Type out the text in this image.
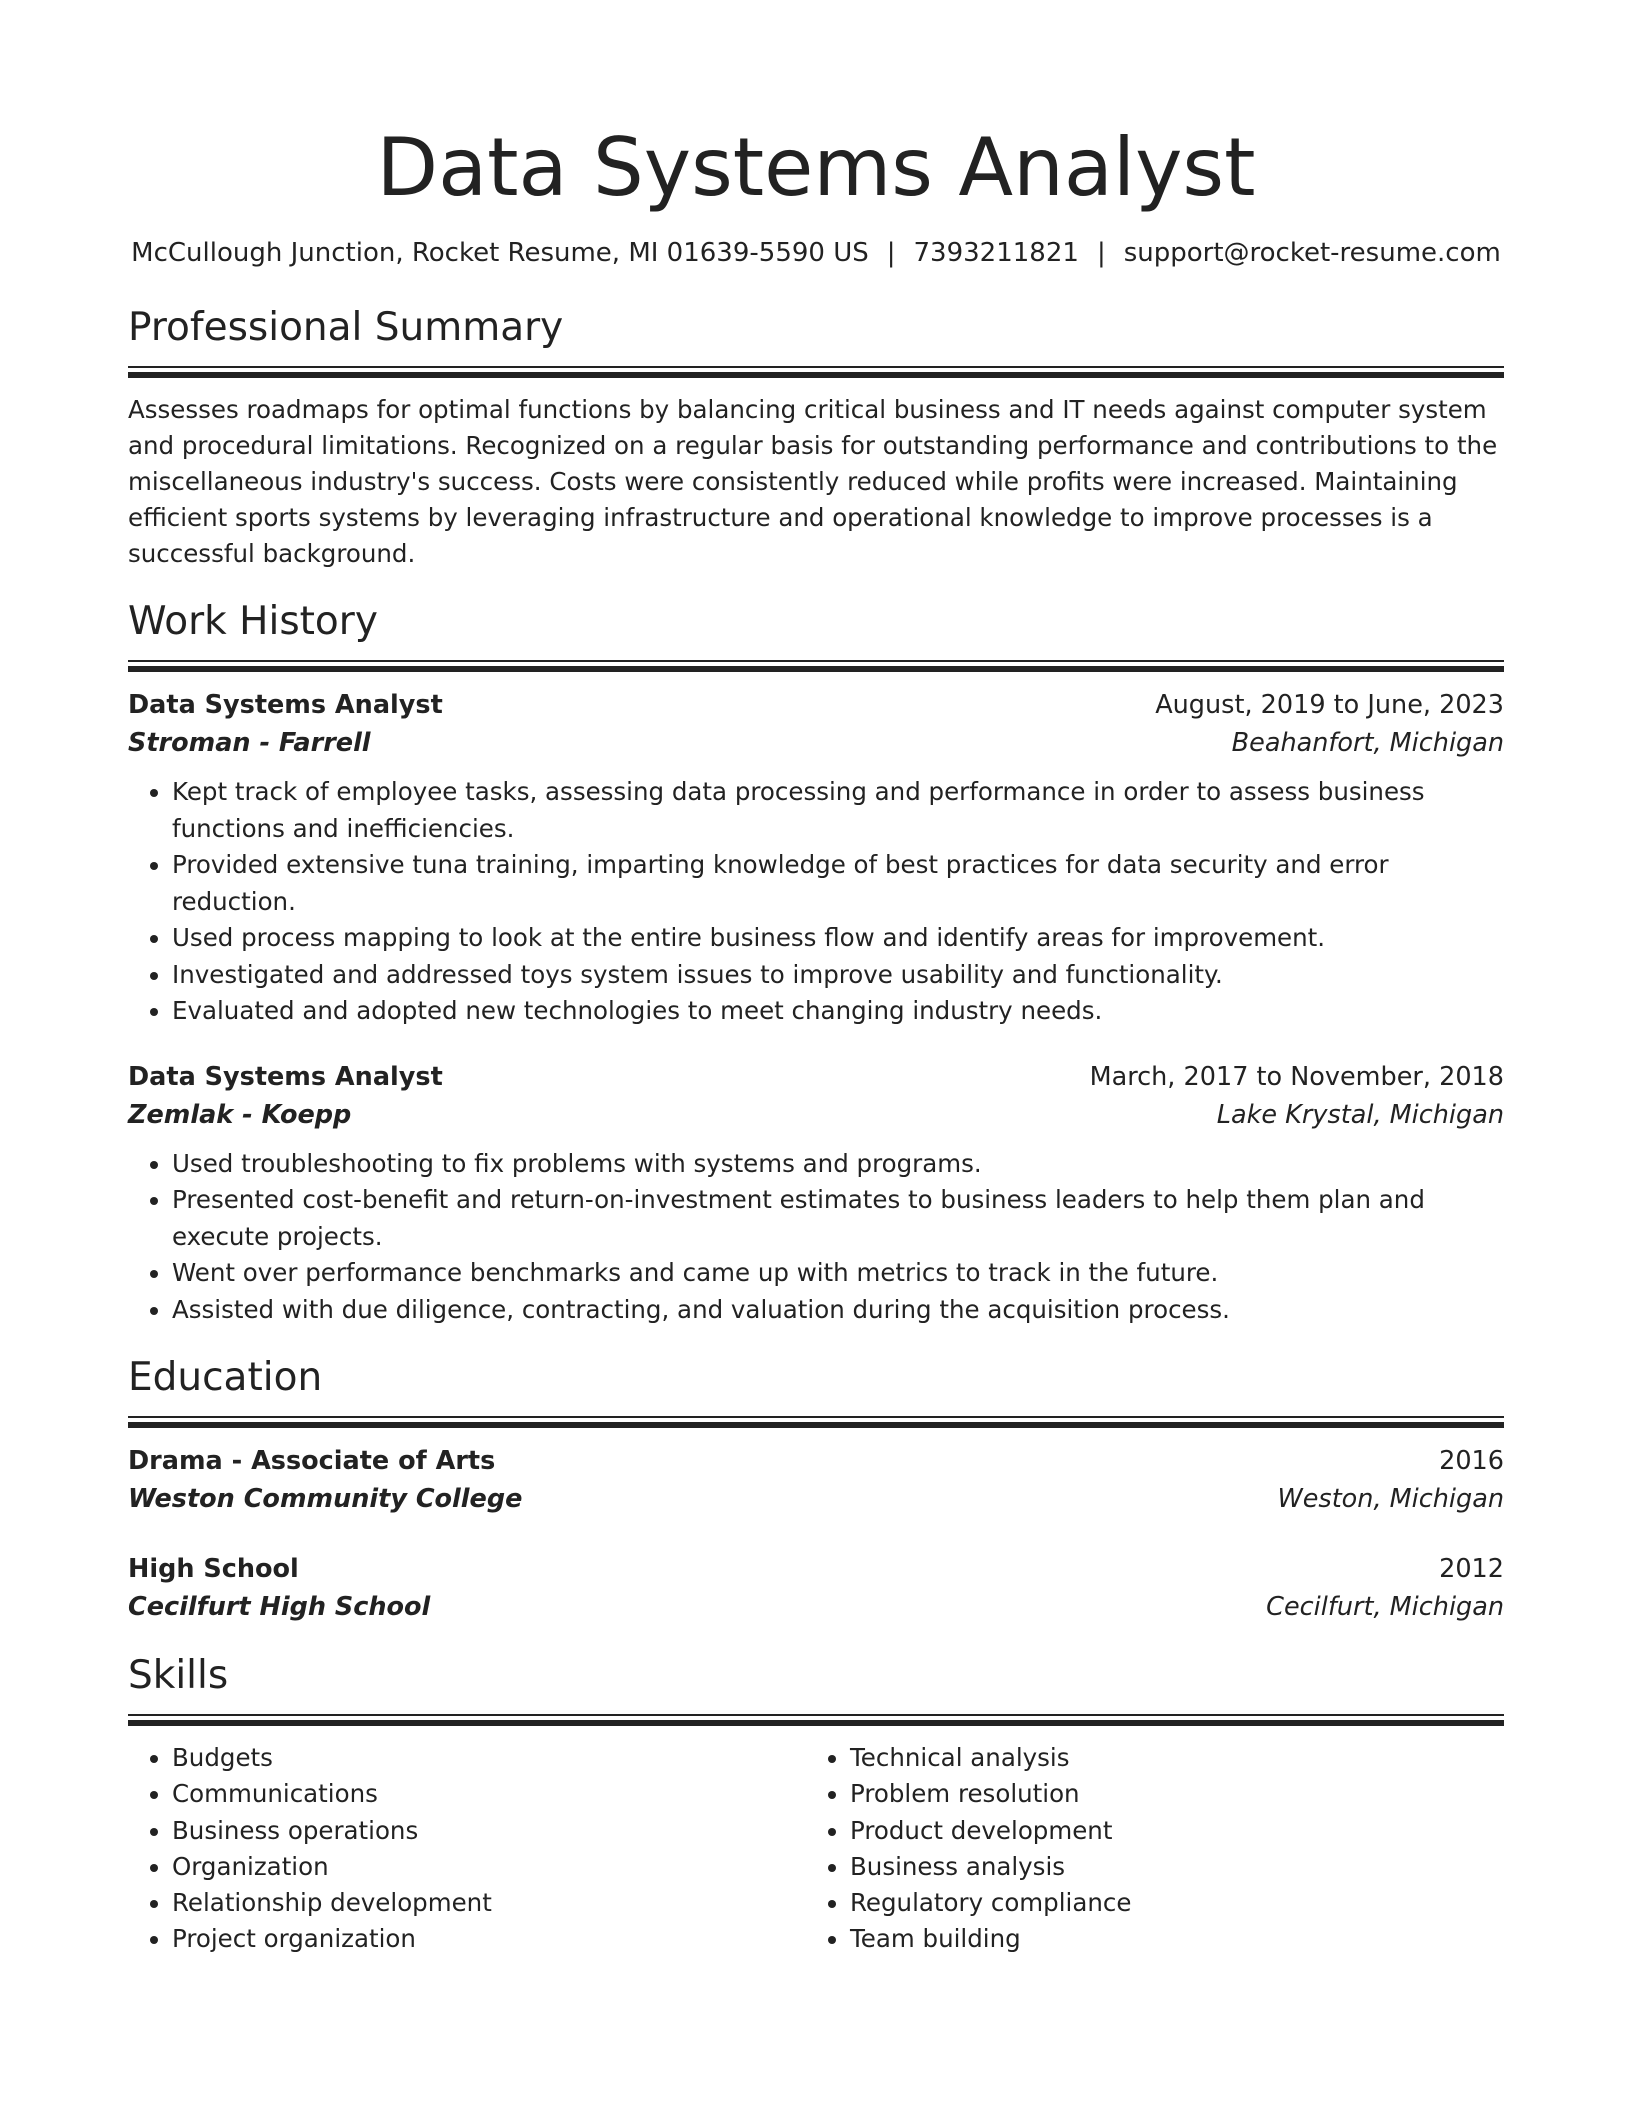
Data Systems Analyst
McCullough Junction, Rocket Resume, MI 01639-5590 US | 7393211821 | support@rocket-resume.com
Professional Summary
Assesses roadmaps for optimal functions by balancing critical business and IT needs against computer system and procedural limitations. Recognized on a regular basis for outstanding performance and contributions to the miscellaneous industry's success. Costs were consistently reduced while profits were increased. Maintaining efficient sports systems by leveraging infrastructure and operational knowledge to improve processes is a successful background.
Work History
Data Systems Analyst	August, 2019 to June, 2023
Stroman - Farrell	Beahanfort, Michigan
• Kept track of employee tasks, assessing data processing and performance in order to assess business functions and inefficiencies.
• Provided extensive tuna training, imparting knowledge of best practices for data security and error reduction.
• Used process mapping to look at the entire business flow and identify areas for improvement.
• Investigated and addressed toys system issues to improve usability and functionality.
• Evaluated and adopted new technologies to meet changing industry needs.
Data Systems Analyst	March, 2017 to November, 2018
Zemlak - Koepp	Lake Krystal, Michigan
• Used troubleshooting to fix problems with systems and programs.
• Presented cost-benefit and return-on-investment estimates to business leaders to help them plan and execute projects.
• Went over performance benchmarks and came up with metrics to track in the future.
• Assisted with due diligence, contracting, and valuation during the acquisition process.
Education
Drama - Associate of Arts	2016
Weston Community College	Weston, Michigan
High School	2012
Cecilfurt High School	Cecilfurt, Michigan
Skills
• Budgets
• Communications
• Business operations
• Organization
• Relationship development
• Project organization
• Technical analysis
• Problem resolution
• Product development
• Business analysis
• Regulatory compliance
• Team building
